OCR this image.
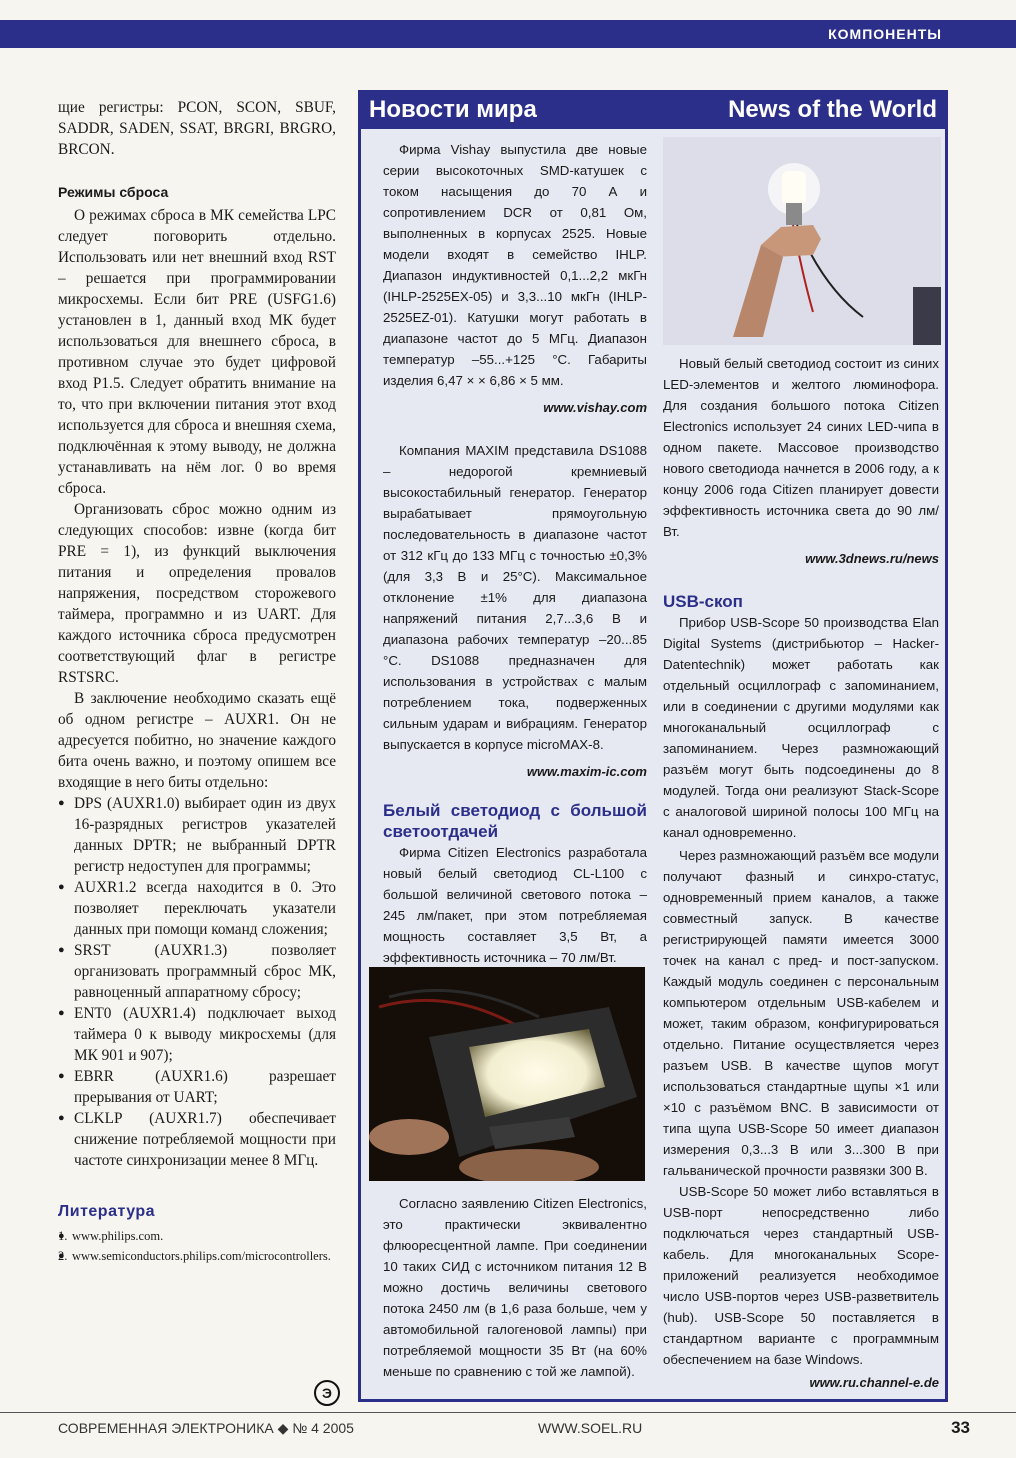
КОМПОНЕНТЫ

щие регистры: PCON, SCON, SBUF, SADDR, SADEN, SSAT, BRGRI, BRGRO, BRCON.

Режимы сброса

О режимах сброса в МК семейства LPC следует поговорить отдельно. Использовать или нет внешний вход RST – решается при программировании микросхемы. Если бит PRE (USFG1.6) установлен в 1, данный вход МК будет использоваться для внешнего сброса, в противном случае это будет цифровой вход P1.5. Следует обратить внимание на то, что при включении питания этот вход используется для сброса и внешняя схема, подключённая к этому выводу, не должна устанавливать на нём лог. 0 во время сброса.

Организовать сброс можно одним из следующих способов: извне (когда бит PRE = 1), из функций выключения питания и определения провалов напряжения, посредством сторожевого таймера, программно и из UART. Для каждого источника сброса предусмотрен соответствующий флаг в регистре RSTSRC.

В заключение необходимо сказать ещё об одном регистре – AUXR1. Он не адресуется побитно, но значение каждого бита очень важно, и поэтому опишем все входящие в него биты отдельно:

● DPS (AUXR1.0) выбирает один из двух 16-разрядных регистров указателей данных DPTR; не выбранный DPTR регистр недоступен для программы;
● AUXR1.2 всегда находится в 0. Это позволяет переключать указатели данных при помощи команд сложения;
● SRST (AUXR1.3) позволяет организовать программный сброс МК, равноценный аппаратному сбросу;
● ENT0 (AUXR1.4) подключает выход таймера 0 к выводу микросхемы (для МК 901 и 907);
● EBRR (AUXR1.6) разрешает прерывания от UART;
● CLKLP (AUXR1.7) обеспечивает снижение потребляемой мощности при частоте синхронизации менее 8 МГц.
Литература
● 1. www.philips.com.
● 2. www.semiconductors.philips.com/microcontrollers.
Э
Новости мира	News of the World

Фирма Vishay выпустила две новые серии высокоточных SMD-катушек с током насыщения до 70 А и сопротивлением DCR от 0,81 Ом, выполненных в корпусах 2525. Новые модели входят в семейство IHLP. Диапазон индуктивностей 0,1...2,2 мкГн (IHLP-2525EX-05) и 3,3...10 мкГн (IHLP-2525EZ-01). Катушки могут работать в диапазоне частот до 5 МГц. Диапазон температур –55...+125 °C. Габариты изделия 6,47 × × 6,86 × 5 мм.

www.vishay.com

Компания MAXIM представила DS1088 – недорогой кремниевый высокостабильный генератор. Генератор вырабатывает прямоугольную последовательность в диапазоне частот от 312 кГц до 133 МГц с точностью ±0,3% (для 3,3 В и 25°C). Максимальное отклонение ±1% для диапазона напряжений питания 2,7...3,6 В и диапазона рабочих температур –20...85 °C. DS1088 предназначен для использования в устройствах с малым потреблением тока, подверженных сильным ударам и вибрациям. Генератор выпускается в корпусе microMAX-8.

www.maxim-ic.com

Белый светодиод с большой светоотдачей

Фирма Citizen Electronics разработала новый белый светодиод CL-L100 с большой величиной светового потока – 245 лм/пакет, при этом потребляемая мощность составляет 3,5 Вт, а эффективность источника – 70 лм/Вт.

Согласно заявлению Citizen Electronics, это практически эквивалентно флюоресцентной лампе. При соединении 10 таких СИД с источником питания 12 В можно достичь величины светового потока 2450 лм (в 1,6 раза больше, чем у автомобильной галогеновой лампы) при потребляемой мощности 35 Вт (на 60% меньше по сравнению с той же лампой).

Новый белый светодиод состоит из синих LED-элементов и желтого люминофора. Для создания большого потока Citizen Electronics использует 24 синих LED-чипа в одном пакете. Массовое производство нового светодиода начнется в 2006 году, а к концу 2006 года Citizen планирует довести эффективность источника света до 90 лм/Вт.

www.3dnews.ru/news

USB-скоп

Прибор USB-Scope 50 производства Elan Digital Systems (дистрибьютор – Hacker-Datentechnik) может работать как отдельный осциллограф с запоминанием, или в соединении с другими модулями как многоканальный осциллограф с запоминанием. Через размножающий разъём могут быть подсоединены до 8 модулей. Тогда они реализуют Stack-Scope с аналоговой шириной полосы 100 МГц на канал одновременно.

Через размножающий разъём все модули получают фазный и синхро-статус, одновременный прием каналов, а также совместный запуск. В качестве регистрирующей памяти имеется 3000 точек на канал с пред- и пост-запуском. Каждый модуль соединен с персональным компьютером отдельным USB-кабелем и может, таким образом, конфигурироваться отдельно. Питание осуществляется через разъем USB. В качестве щупов могут использоваться стандартные щупы ×1 или ×10 с разъёмом BNC. В зависимости от типа щупа USB-Scope 50 имеет диапазон измерения 0,3...3 В или 3...300 В при гальванической прочности развязки 300 В.

USB-Scope 50 может либо вставляться в USB-порт непосредственно либо подключаться через стандартный USB-кабель. Для многоканальных Scope-приложений реализуется необходимое число USB-портов через USB-разветвитель (hub). USB-Scope 50 поставляется в стандартном варианте с программным обеспечением на базе Windows.

www.ru.channel-e.de

СОВРЕМЕННАЯ ЭЛЕКТРОНИКА ◆ № 4 2005	WWW.SOEL.RU	33
